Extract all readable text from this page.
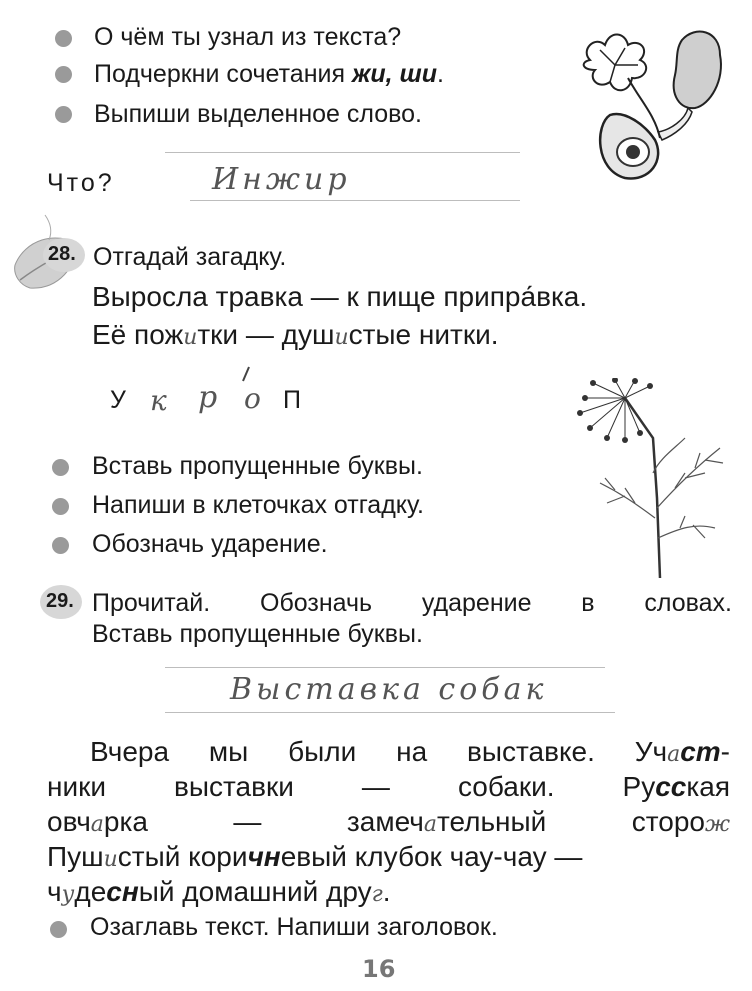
О чём ты узнал из текста?
Подчеркни сочетания жи, ши.
Выпиши выделенное слово.
Что?	Инжир
28. Отгадай загадку.
Выросла травка — к пище припра́вка.
Её пожитки — душистые нитки.
У к р о П
Вставь пропущенные буквы.
Напиши в клеточках отгадку.
Обозначь ударение.
29. Прочитай. Обозначь ударение в словах.
Вставь пропущенные буквы.
Выставка собак
Вчера мы были на выставке. Участ-
ники выставки — собаки. Русская
овчарка — замечательный сторож
Пушистый коричневый клубок чау-чау —
чудесный домашний друг.
Озаглавь текст. Напиши заголовок.
16
